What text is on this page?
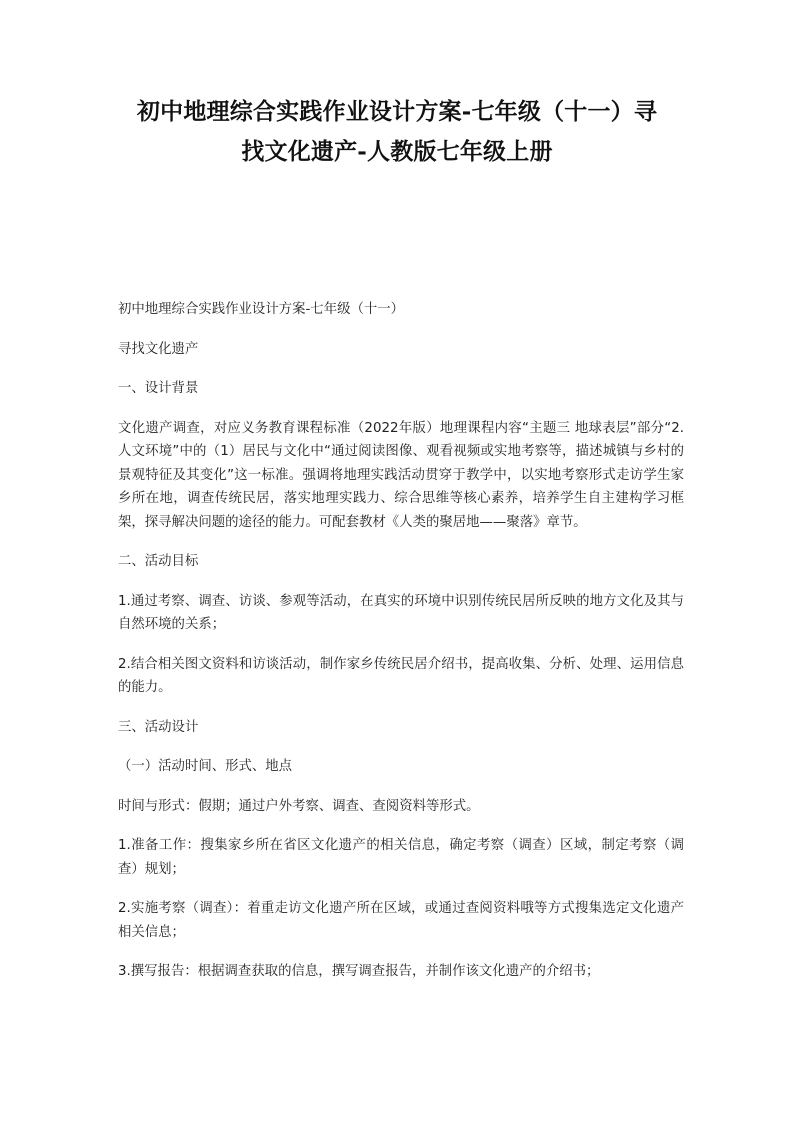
初中地理综合实践作业设计方案-七年级（十一）寻
找文化遗产-人教版七年级上册

初中地理综合实践作业设计方案-七年级（十一）

寻找文化遗产

一、设计背景

文化遗产调查，对应义务教育课程标准（2022年版）地理课程内容“主题三 地球表层”部分“2.人文环境”中的（1）居民与文化中“通过阅读图像、观看视频或实地考察等，描述城镇与乡村的景观特征及其变化”这一标准。强调将地理实践活动贯穿于教学中，以实地考察形式走访学生家乡所在地，调查传统民居，落实地理实践力、综合思维等核心素养，培养学生自主建构学习框架，探寻解决问题的途径的能力。可配套教材《人类的聚居地——聚落》章节。

二、活动目标

1.通过考察、调查、访谈、参观等活动，在真实的环境中识别传统民居所反映的地方文化及其与自然环境的关系；

2.结合相关图文资料和访谈活动，制作家乡传统民居介绍书，提高收集、分析、处理、运用信息的能力。

三、活动设计

（一）活动时间、形式、地点

时间与形式：假期；通过户外考察、调查、查阅资料等形式。

1.准备工作：搜集家乡所在省区文化遗产的相关信息，确定考察（调查）区域，制定考察（调查）规划；

2.实施考察（调查）：着重走访文化遗产所在区域，或通过查阅资料哦等方式搜集选定文化遗产相关信息；

3.撰写报告：根据调查获取的信息，撰写调查报告，并制作该文化遗产的介绍书；
